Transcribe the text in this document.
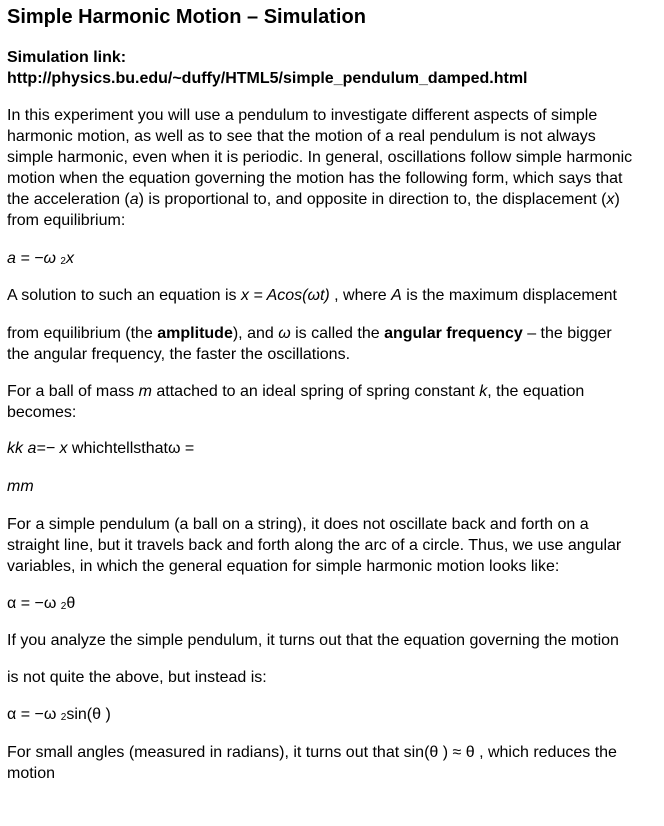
Simple Harmonic Motion – Simulation
Simulation link:
http://physics.bu.edu/~duffy/HTML5/simple_pendulum_damped.html

In this experiment you will use a pendulum to investigate different aspects of simple harmonic motion, as well as to see that the motion of a real pendulum is not always simple harmonic, even when it is periodic. In general, oscillations follow simple harmonic motion when the equation governing the motion has the following form, which says that the acceleration (a) is proportional to, and opposite in direction to, the displacement (x) from equilibrium:

a = −ω 2x

A solution to such an equation is x = Acos(ωt) , where A is the maximum displacement

from equilibrium (the amplitude), and ω is called the angular frequency – the bigger the angular frequency, the faster the oscillations.

For a ball of mass m attached to an ideal spring of spring constant k, the equation becomes:

kk a=− x whichtellsthatω =

mm

For a simple pendulum (a ball on a string), it does not oscillate back and forth on a straight line, but it travels back and forth along the arc of a circle. Thus, we use angular variables, in which the general equation for simple harmonic motion looks like:

α = −ω 2θ

If you analyze the simple pendulum, it turns out that the equation governing the motion

is not quite the above, but instead is:

α = −ω 2sin(θ )

For small angles (measured in radians), it turns out that sin(θ ) ≈ θ , which reduces the motion
